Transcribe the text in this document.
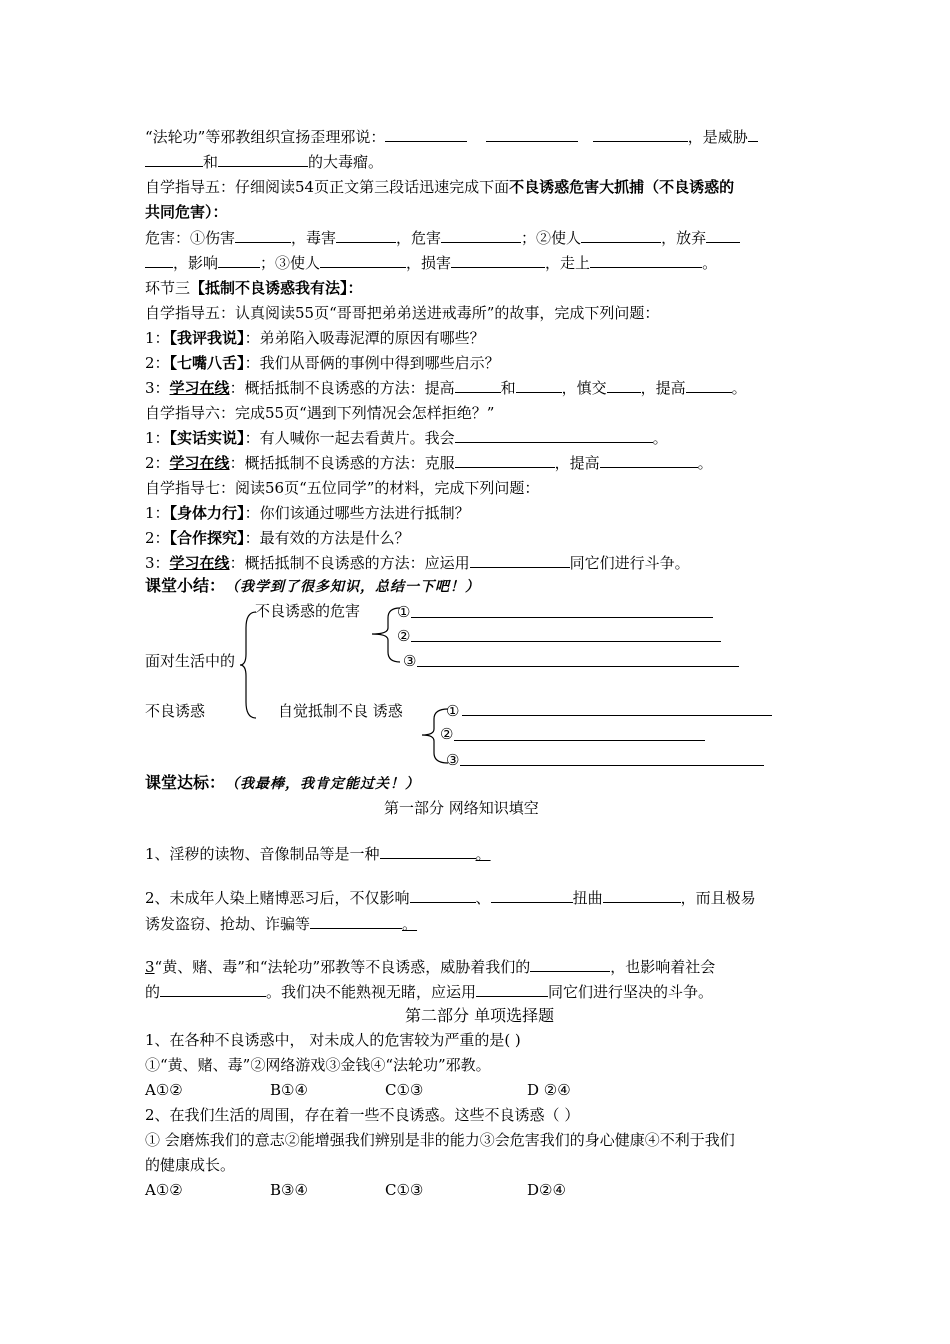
“法轮功”等邪教组织宣扬歪理邪说：	，是威胁
和	的大毒瘤。
自学指导五：仔细阅读54页正文第三段话迅速完成下面不良诱惑危害大抓捕（不良诱惑的
共同危害）：
危害：①伤害	，毒害	，危害	；②使人	，放弃
，影响	；③使人	，损害	，走上	。
环节三【抵制不良诱惑我有法】：
自学指导五：认真阅读55页“哥哥把弟弟送进戒毒所”的故事，完成下列问题：
1：【我评我说】：弟弟陷入吸毒泥潭的原因有哪些？
2：【七嘴八舌】：我们从哥俩的事例中得到哪些启示？
3：学习在线：概括抵制不良诱惑的方法：提高	和	，慎交 ，提高	。
自学指导六：完成55页“遇到下列情况会怎样拒绝？”
1：【实话实说】：有人喊你一起去看黄片。我会	。
2：学习在线：概括抵制不良诱惑的方法：克服	，提高	。
自学指导七：阅读56页“五位同学”的材料，完成下列问题：
1：【身体力行】：你们该通过哪些方法进行抵制？
2：【合作探究】：最有效的方法是什么？
3：学习在线：概括抵制不良诱惑的方法：应运用	同它们进行斗争。
课堂小结：（我学到了很多知识，总结一下吧！）
不良诱惑的危害
面对生活中的
不良诱惑	自觉抵制不良 诱惑
①
②
③
①
②
③
课堂达标：（我最棒，我肯定能过关！）
第一部分 网络知识填空
1、淫秽的读物、音像制品等是一种	。
2、未成年人染上赌博恶习后，不仅影响	、	扭曲	，而且极易
诱发盗窃、抢劫、诈骗等	。
3“黄、赌、毒”和“法轮功”邪教等不良诱惑，威胁着我们的	，也影响着社会
的	。我们决不能熟视无睹，应运用	同它们进行坚决的斗争。
第二部分 单项选择题
1、在各种不良诱惑中， 对未成人的危害较为严重的是( )
①“黄、赌、毒”②网络游戏③金钱④“法轮功”邪教。
A①②	B①④	C①③	D ②④
2、在我们生活的周围，存在着一些不良诱惑。这些不良诱惑（ ）
① 会磨炼我们的意志②能增强我们辨别是非的能力③会危害我们的身心健康④不利于我们
的健康成长。
A①②	B③④	C①③	D②④
